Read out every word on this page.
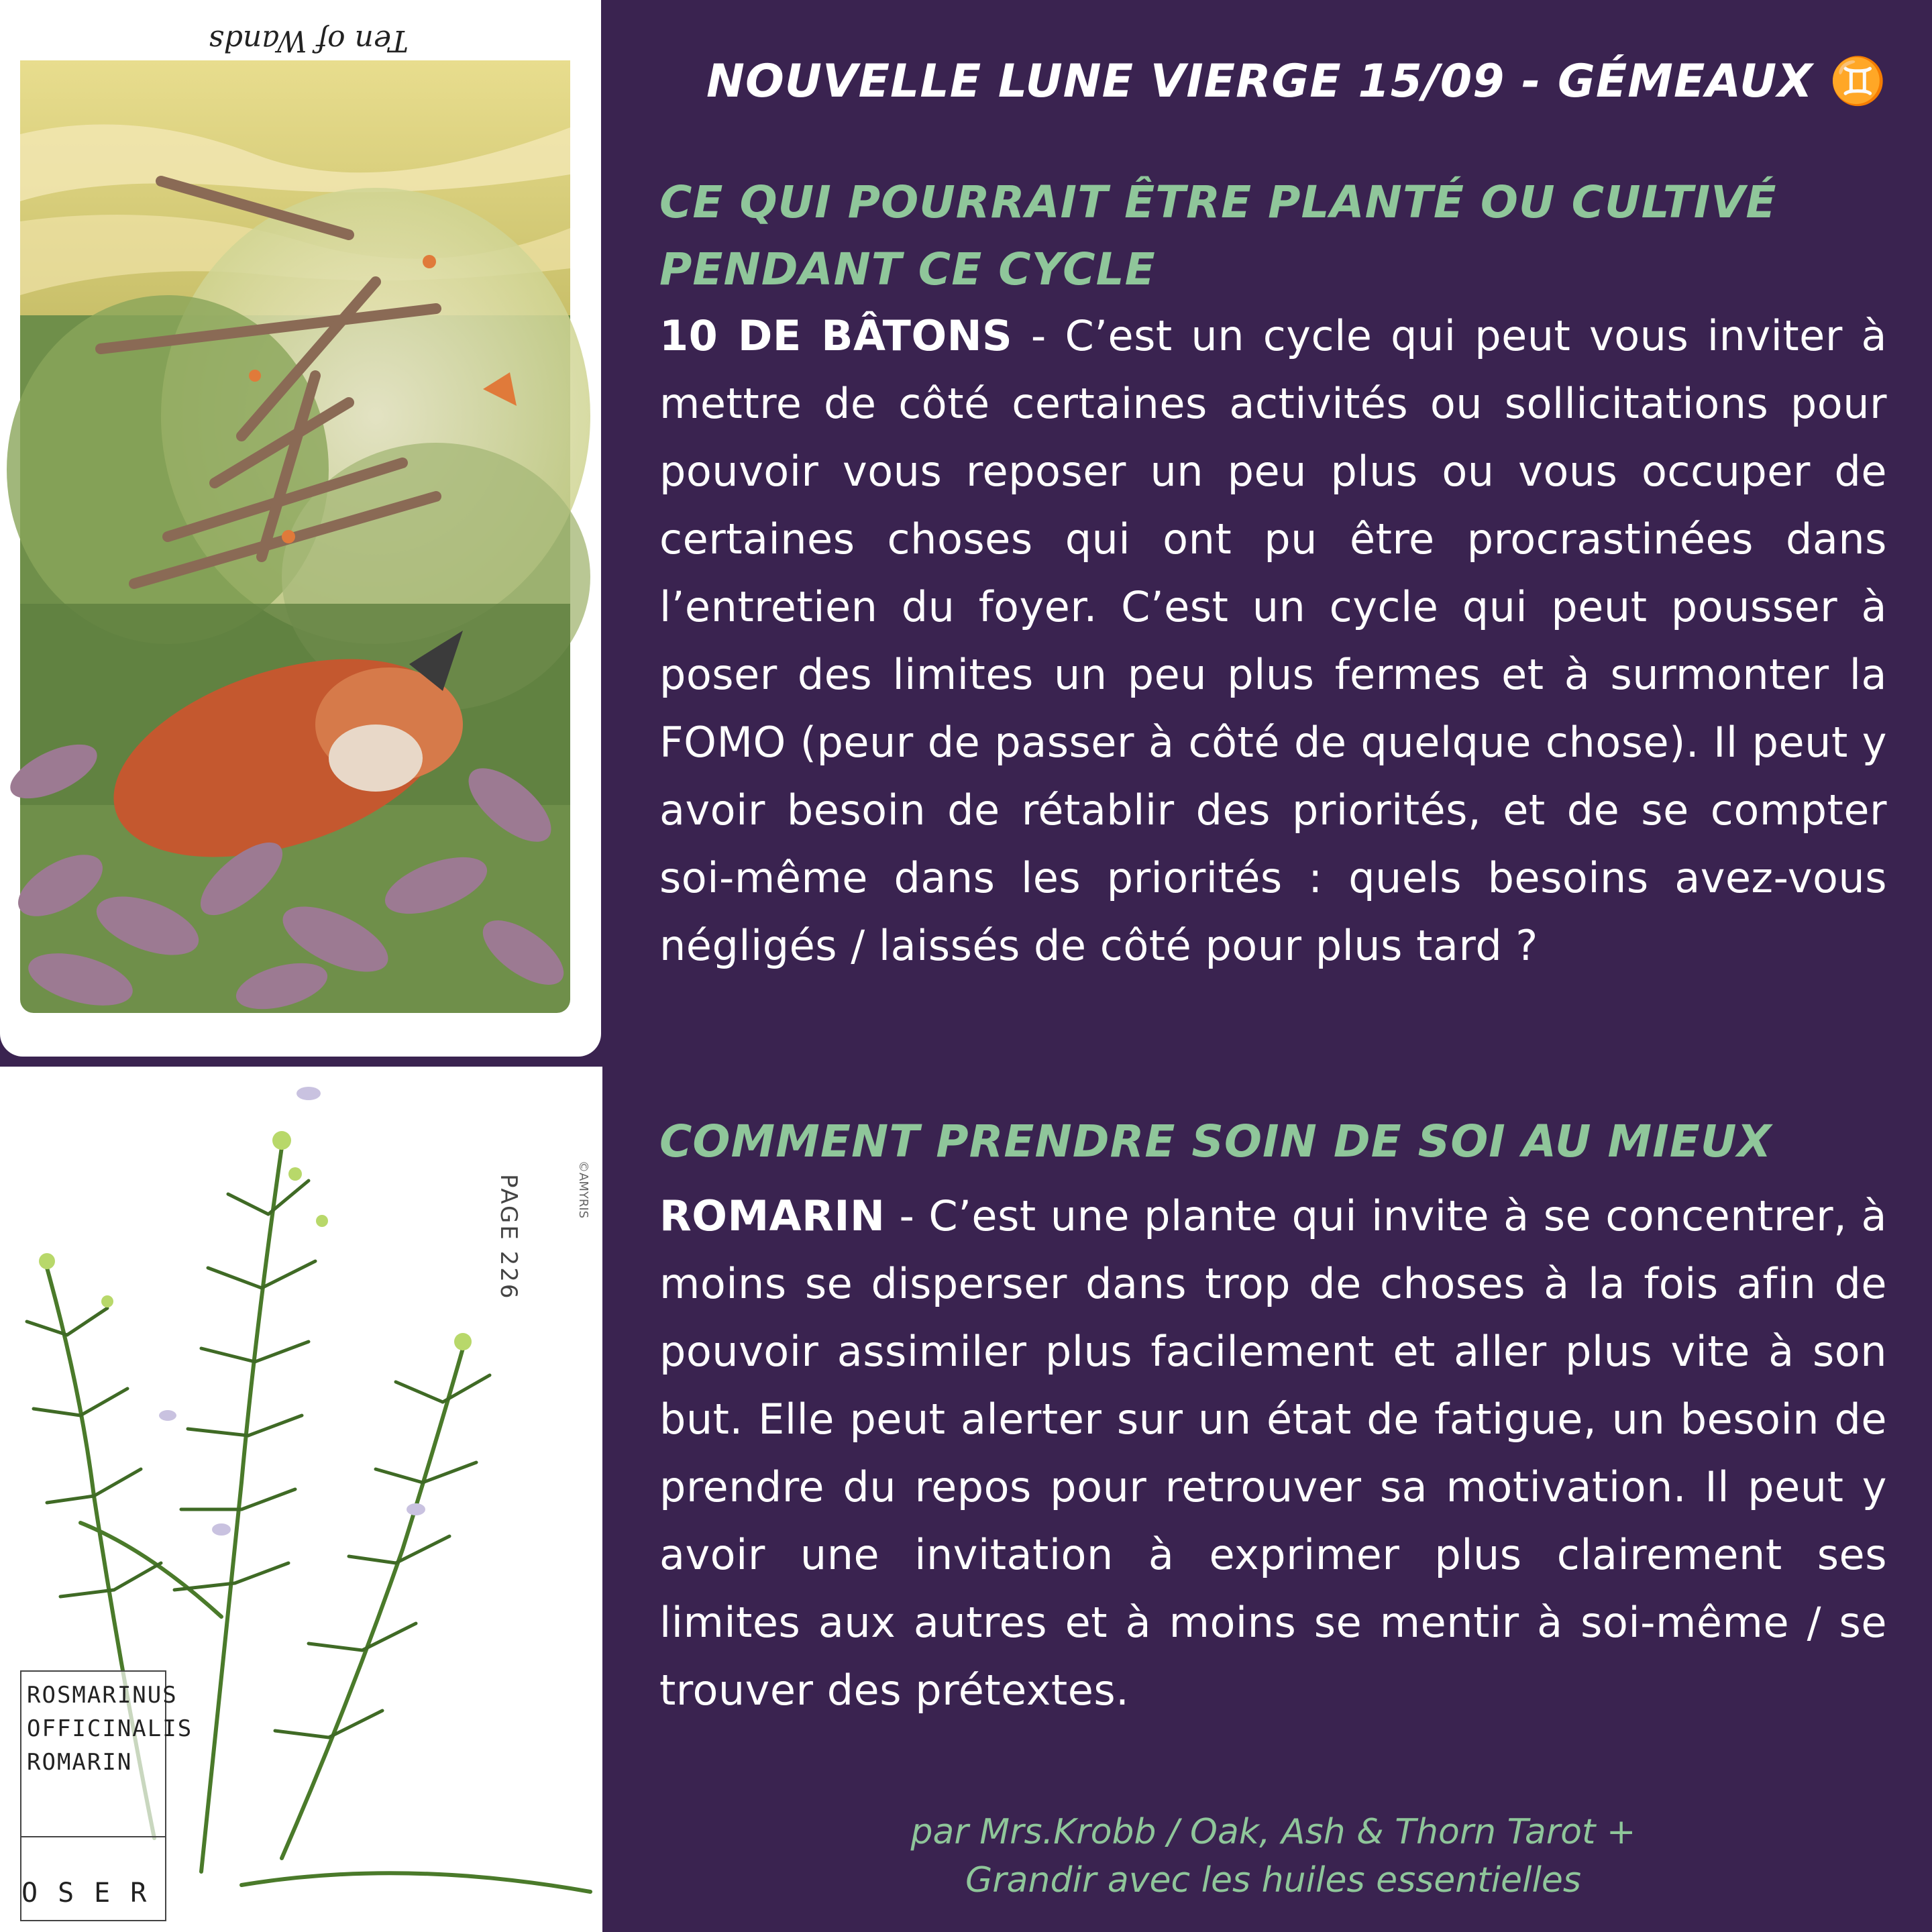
Ten of Wands
PAGE 226	©AMYRIS
ROSMARINUS
OFFICINALIS
ROMARIN
OSER
NOUVELLE LUNE VIERGE 15/09 - GÉMEAUX ♊
CE QUI POURRAIT ÊTRE PLANTÉ OU CULTIVÉ PENDANT CE CYCLE
10 DE BÂTONS - C’est un cycle qui peut vous inviter à mettre de côté certaines activités ou sollicitations pour pouvoir vous reposer un peu plus ou vous occuper de certaines choses qui ont pu être procrastinées dans l’entretien du foyer. C’est un cycle qui peut pousser à poser des limites un peu plus fermes et à surmonter la FOMO (peur de passer à côté de quelque chose). Il peut y avoir besoin de rétablir des priorités, et de se compter soi-même dans les priorités : quels besoins avez-vous négligés / laissés de côté pour plus tard ?
COMMENT PRENDRE SOIN DE SOI AU MIEUX
ROMARIN - C’est une plante qui invite à se concentrer, à moins se disperser dans trop de choses à la fois afin de pouvoir assimiler plus facilement et aller plus vite à son but. Elle peut alerter sur un état de fatigue, un besoin de prendre du repos pour retrouver sa motivation. Il peut y avoir une invitation à exprimer plus clairement ses limites aux autres et à moins se mentir à soi-même / se trouver des prétextes.
par Mrs.Krobb / Oak, Ash & Thorn Tarot +
Grandir avec les huiles essentielles
